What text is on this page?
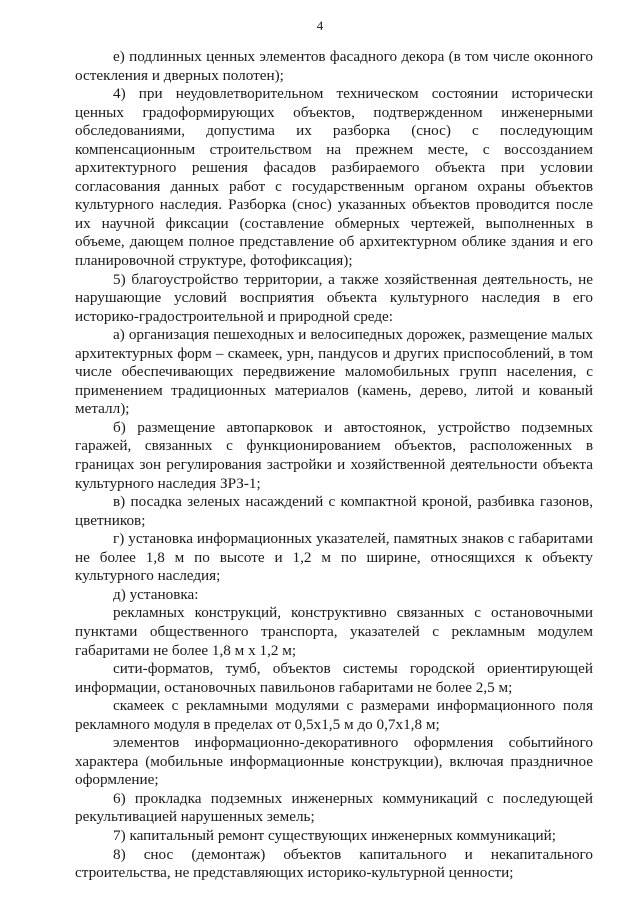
4

е) подлинных ценных элементов фасадного декора (в том числе оконного остекления и дверных полотен);

4) при неудовлетворительном техническом состоянии исторически ценных градоформирующих объектов, подтвержденном инженерными обследованиями, допустима их разборка (снос) с последующим компенсационным строительством на прежнем месте, с воссозданием архитектурного решения фасадов разбираемого объекта при условии согласования данных работ с государственным органом охраны объектов культурного наследия. Разборка (снос) указанных объектов проводится после их научной фиксации (составление обмерных чертежей, выполненных в объеме, дающем полное представление об архитектурном облике здания и его планировочной структуре, фотофиксация);

5) благоустройство территории, а также хозяйственная деятельность, не нарушающие условий восприятия объекта культурного наследия в его историко-градостроительной и природной среде:

а) организация пешеходных и велосипедных дорожек, размещение малых архитектурных форм – скамеек, урн, пандусов и других приспособлений, в том числе обеспечивающих передвижение маломобильных групп населения, с применением традиционных материалов (камень, дерево, литой и кованый металл);

б) размещение автопарковок и автостоянок, устройство подземных гаражей, связанных с функционированием объектов, расположенных в границах зон регулирования застройки и хозяйственной деятельности объекта культурного наследия ЗРЗ-1;

в) посадка зеленых насаждений с компактной кроной, разбивка газонов, цветников;

г) установка информационных указателей, памятных знаков с габаритами не более 1,8 м по высоте и 1,2 м по ширине, относящихся к объекту культурного наследия;

д) установка:

рекламных конструкций, конструктивно связанных с остановочными пунктами общественного транспорта, указателей с рекламным модулем габаритами не более 1,8 м х 1,2 м;

сити-форматов, тумб, объектов системы городской ориентирующей информации, остановочных павильонов габаритами не более 2,5 м;

скамеек с рекламными модулями с размерами информационного поля рекламного модуля в пределах от 0,5х1,5 м до 0,7х1,8 м;

элементов информационно-декоративного оформления событийного характера (мобильные информационные конструкции), включая праздничное оформление;

6) прокладка подземных инженерных коммуникаций с последующей рекультивацией нарушенных земель;

7) капитальный ремонт существующих инженерных коммуникаций;

8) снос (демонтаж) объектов капитального и некапитального строительства, не представляющих историко-культурной ценности;
